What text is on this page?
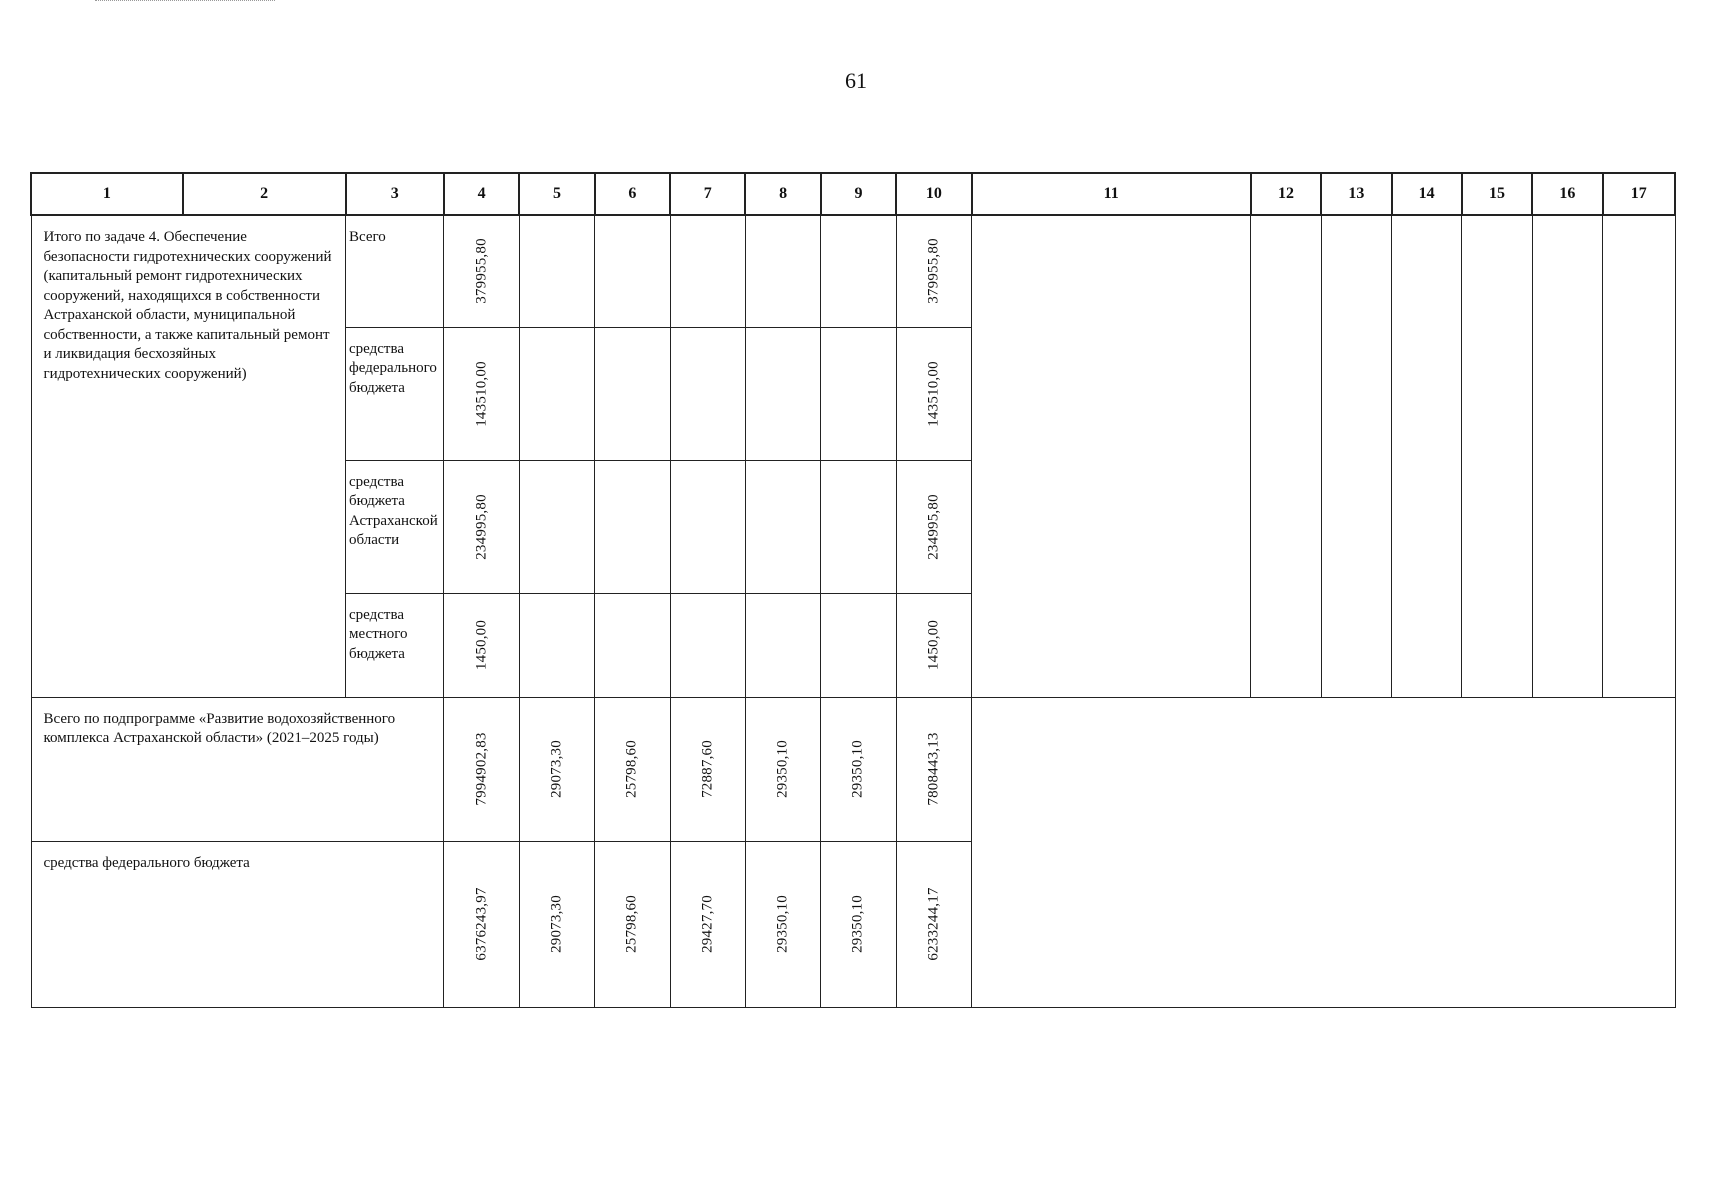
61
1	2	3	4	5	6	7	8	9	10	11	12	13	14	15	16	17
Итого по задаче 4. Обеспечение безопасности гидротехнических сооружений (капитальный ремонт гидротехнических сооружений, находящихся в собственности Астраханской области, муниципальной собственности, а также капитальный ремонт и ликвидация бесхозяйных гидротехнических сооружений)		Всего	379955,80						379955,80							

		средства федерального бюджета	143510,00						143510,00							

		средства бюджета Астраханской области	234995,80						234995,80							

		средства местного бюджета	1450,00						1450,00							

Всего по подпрограмме «Развитие водохозяйственного комплекса Астраханской области» (2021–2025 годы)			7994902,83	29073,30	25798,60	72887,60	29350,10	29350,10	7808443,13							

средства федерального бюджета			6376243,97	29073,30	25798,60	29427,70	29350,10	29350,10	6233244,17							
